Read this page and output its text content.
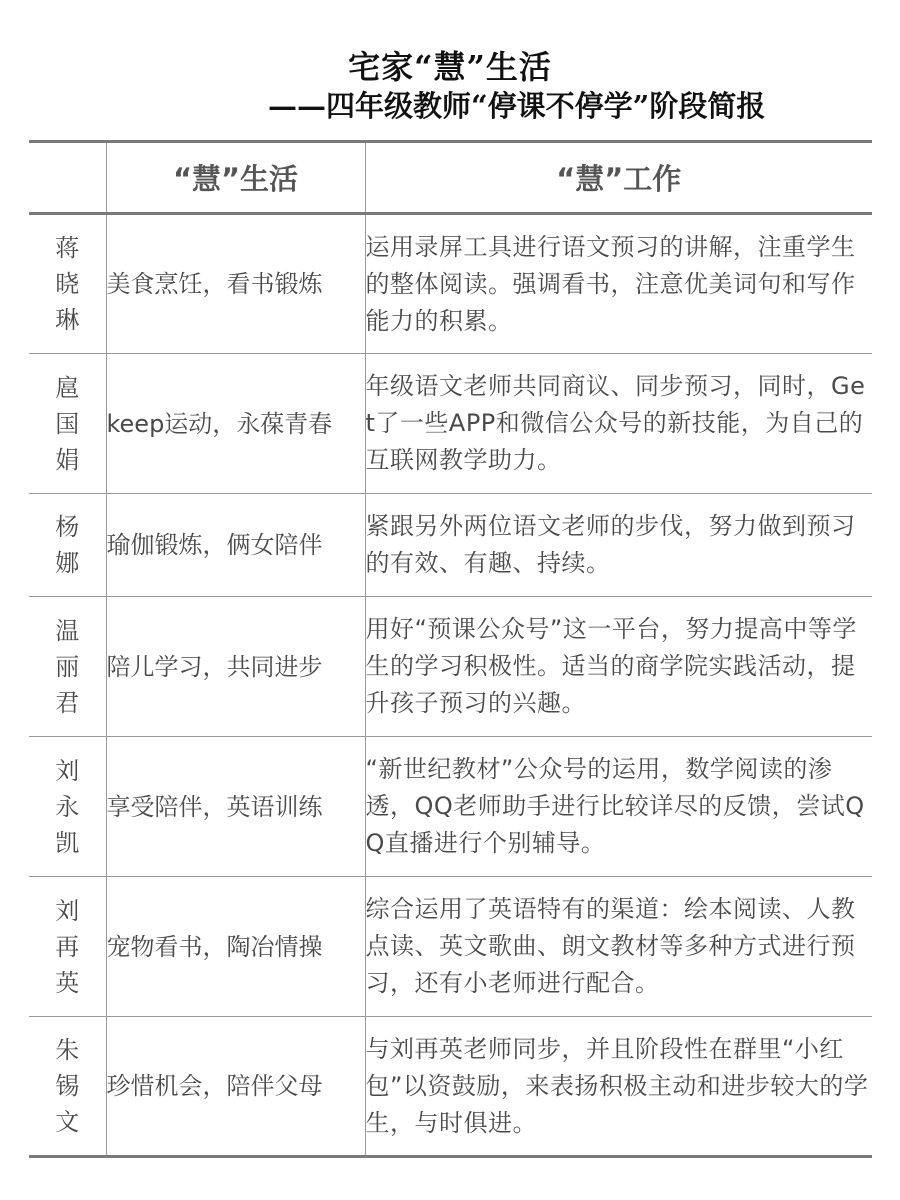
宅家“慧”生活
——四年级教师“停课不停学”阶段简报
	“慧”生活	“慧”工作
蒋晓琳	美食烹饪，看书锻炼	运用录屏工具进行语文预习的讲解，注重学生的整体阅读。强调看书，注意优美词句和写作能力的积累。
扈国娟	keep运动，永葆青春	年级语文老师共同商议、同步预习，同时，Get了一些APP和微信公众号的新技能，为自己的互联网教学助力。
杨娜	瑜伽锻炼，俩女陪伴	紧跟另外两位语文老师的步伐，努力做到预习的有效、有趣、持续。
温丽君	陪儿学习，共同进步	用好“预课公众号”这一平台，努力提高中等学生的学习积极性。适当的商学院实践活动，提升孩子预习的兴趣。
刘永凯	享受陪伴，英语训练	“新世纪教材”公众号的运用，数学阅读的渗透，QQ老师助手进行比较详尽的反馈，尝试QQ直播进行个别辅导。
刘再英	宠物看书，陶冶情操	综合运用了英语特有的渠道：绘本阅读、人教点读、英文歌曲、朗文教材等多种方式进行预习，还有小老师进行配合。
朱锡文	珍惜机会，陪伴父母	与刘再英老师同步，并且阶段性在群里“小红包”以资鼓励，来表扬积极主动和进步较大的学生，与时俱进。
